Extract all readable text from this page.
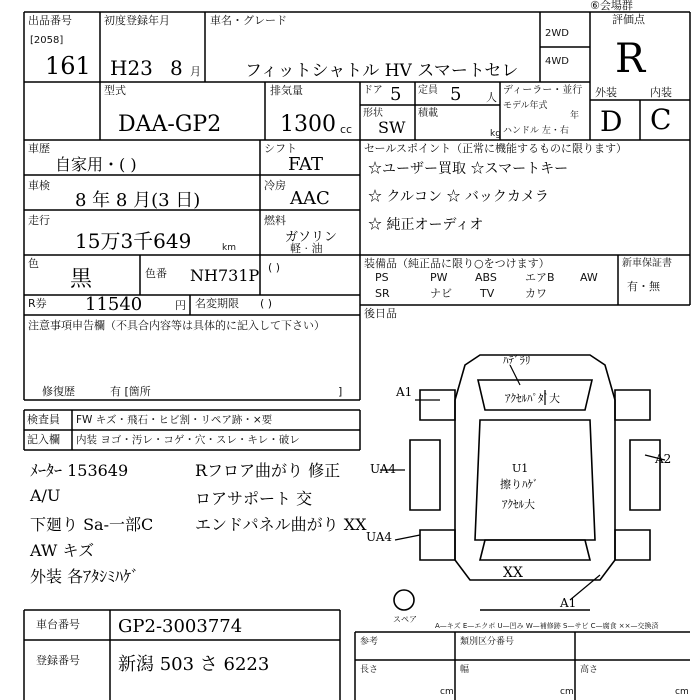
出品番号
[2058]
161
初度登録年月
H23 8 月
車名・グレード
フィットシャトル HV スマートセレ
2WD
4WD
評価点
R
⑥会場群
型式
DAA-GP2
排気量
1300 cc
ドア 5 定員 5 人
形状
SW
積載
kg
ディーラー・並行
モデル年式
年
ハンドル 左・右
外装	内装
D C
車歴
自家用・( )
車検
8 年 8 月(3 日)
走行
15万3千649	km
シフト
FAT
冷房
AAC
燃料
ガソリン
軽 · 油
( )
色
黒	色番 NH731P
R券 11540	円 名変期限 ( )
セールスポイント（正常に機能するものに限ります）
☆ユーザー買取 ☆スマートキー
☆ クルコン ☆ バックカメラ
☆ 純正オーディオ
装備品（純正品に限り○をつけます）	新車保証書
有・無
PS	PW ABS	エアB AW
SR	ナビ	TV	カワ
後日品
注意事項申告欄（不具合内容等は具体的に記入して下さい）
修復歴	有 [箇所	]
検査員 FW キズ・飛石・ヒビ割・リペア跡・×要
記入欄 内装 ヨゴ・汚レ・コゲ・穴・スレ・キレ・破レ
ﾒｰﾀｰ 153649
A/U
下廻り Sa-一部C
AW キズ
外装 各ｱﾀｼﾐﾊｹﾞ
Rフロア曲がり 修正
ロアサポート 交
エンドパネル曲がり XX
ﾊﾃﾞﾗﾘ
ｱｸｾﾙﾊﾟﾀﾞ大
A1
A2
UA4
UA4
U1
擦りﾊｹﾞ
ｱｸｾﾙ大
XX
A1
スペア
A—キズ E—エクボ U—凹み W—補修跡 S—サビ C—腐食 ××—交換済
車台番号 GP2-3003774
登録番号 新潟 503 さ 6223
参考	類別区分番号
長さ	幅	高さ
cm	cm	cm
